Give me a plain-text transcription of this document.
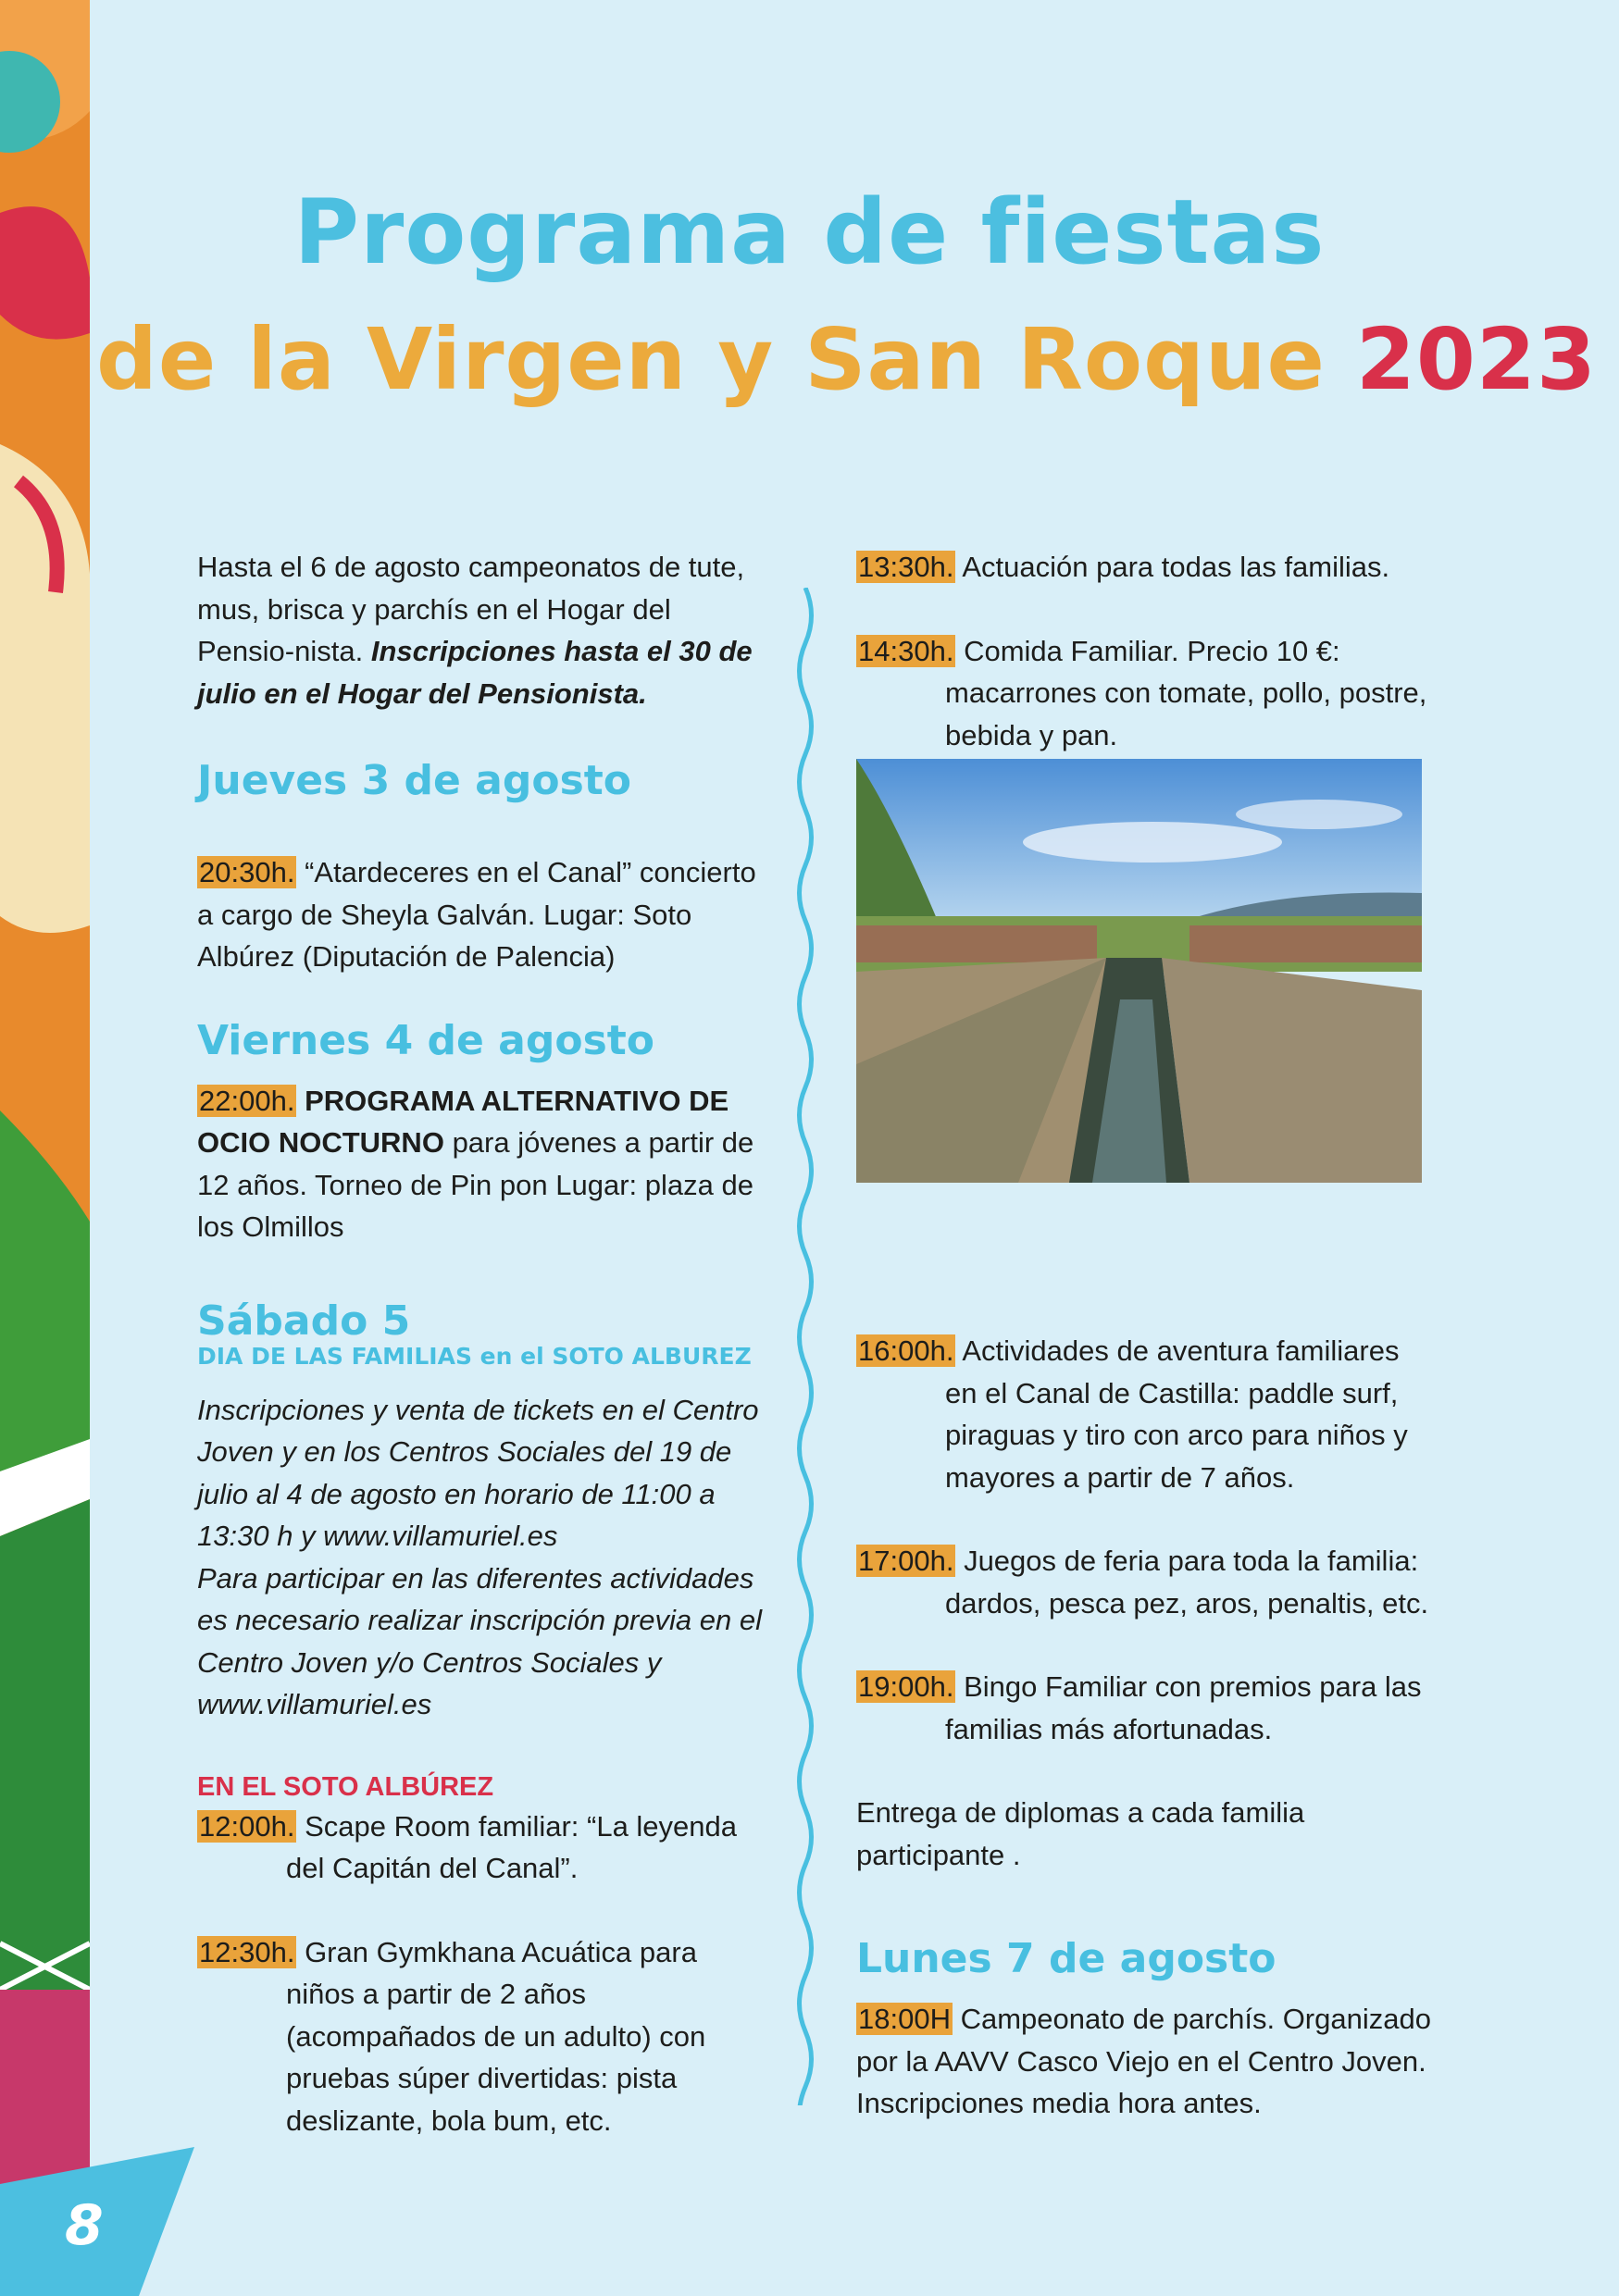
8
Programa de fiestas
de la Virgen y San Roque 2023

Hasta el 6 de agosto campeonatos de tute, mus, brisca y parchís en el Hogar del Pensio-nista. Inscripciones hasta el 30 de julio en el Hogar del Pensionista.

Jueves 3 de agosto

20:30h. “Atardeceres en el Canal” concierto a cargo de Sheyla Galván. Lugar: Soto Albúrez (Diputación de Palencia)

Viernes 4 de agosto

22:00h. PROGRAMA ALTERNATIVO DE OCIO NOCTURNO para jóvenes a partir de 12 años. Torneo de Pin pon Lugar: plaza de los Olmillos

Sábado 5

DIA DE LAS FAMILIAS en el SOTO ALBUREZ

Inscripciones y venta de tickets en el Centro Joven y en los Centros Sociales del 19 de julio al 4 de agosto en horario de 11:00 a 13:30 h y www.villamuriel.es

Para participar en las diferentes actividades es necesario realizar inscripción previa en el Centro Joven y/o Centros Sociales y www.villamuriel.es

EN EL SOTO ALBÚREZ

12:00h. Scape Room familiar: “La leyenda del Capitán del Canal”.

12:30h. Gran Gymkhana Acuática para niños a partir de 2 años (acompañados de un adulto) con pruebas súper divertidas: pista deslizante, bola bum, etc.

13:30h. Actuación para todas las familias.

14:30h. Comida Familiar. Precio 10 €: macarrones con tomate, pollo, postre, bebida y pan.

16:00h. Actividades de aventura familiares en el Canal de Castilla: paddle surf, piraguas y tiro con arco para niños y mayores a partir de 7 años.

17:00h. Juegos de feria para toda la familia: dardos, pesca pez, aros, penaltis, etc.

19:00h. Bingo Familiar con premios para las familias más afortunadas.

Entrega de diplomas a cada familia participante .

Lunes 7 de agosto

18:00H Campeonato de parchís. Organizado por la AAVV Casco Viejo en el Centro Joven. Inscripciones media hora antes.
